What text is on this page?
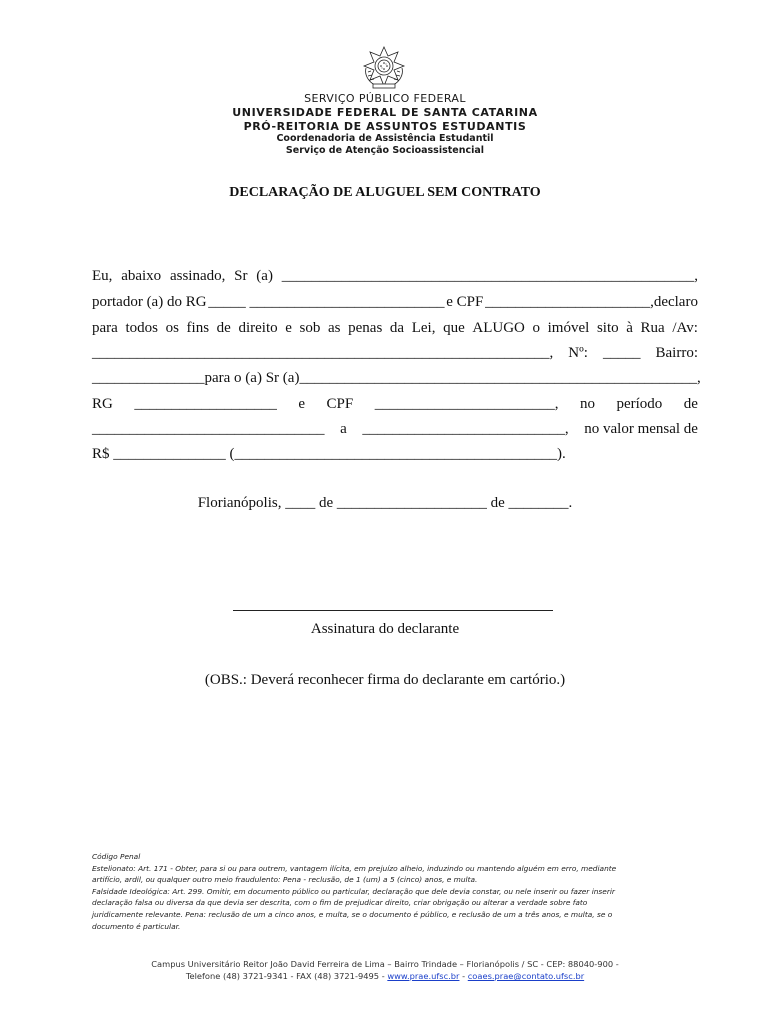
SERVIÇO PÚBLICO FEDERAL
UNIVERSIDADE FEDERAL DE SANTA CATARINA
PRÓ-REITORIA DE ASSUNTOS ESTUDANTIS
Coordenadoria de Assistência Estudantil
Serviço de Atenção Socioassistencial
DECLARAÇÃO DE ALUGUEL SEM CONTRATO
Eu, abaixo assinado, Sr (a) _______________________________________________________,
portador (a) do RG _____ __________________________ e CPF ______________________,declaro
para todos os fins de direito e sob as penas da Lei, que ALUGO o imóvel sito à Rua /Av:
_____________________________________________________________, Nº: _____ Bairro:
_______________ para o (a) Sr (a) _____________________________________________________,
RG ___________________ e CPF ________________________, no período de
_______________________________ a ___________________________, no valor mensal de
R$ _______________ (___________________________________________).
Florianópolis, ____ de ____________________ de ________.
Assinatura do declarante
(OBS.: Deverá reconhecer firma do declarante em cartório.)
Código Penal
Estelionato: Art. 171 - Obter, para si ou para outrem, vantagem ilícita, em prejuízo alheio, induzindo ou mantendo alguém em erro, mediante
artifício, ardil, ou qualquer outro meio fraudulento: Pena - reclusão, de 1 (um) a 5 (cinco) anos, e multa.
Falsidade Ideológica: Art. 299. Omitir, em documento público ou particular, declaração que dele devia constar, ou nele inserir ou fazer inserir
declaração falsa ou diversa da que devia ser descrita, com o fim de prejudicar direito, criar obrigação ou alterar a verdade sobre fato
juridicamente relevante. Pena: reclusão de um a cinco anos, e multa, se o documento é público, e reclusão de um a três anos, e multa, se o
documento é particular.
Campus Universitário Reitor João David Ferreira de Lima – Bairro Trindade – Florianópolis / SC - CEP: 88040-900 -
Telefone (48) 3721-9341 - FAX (48) 3721-9495 - www.prae.ufsc.br - coaes.prae@contato.ufsc.br
